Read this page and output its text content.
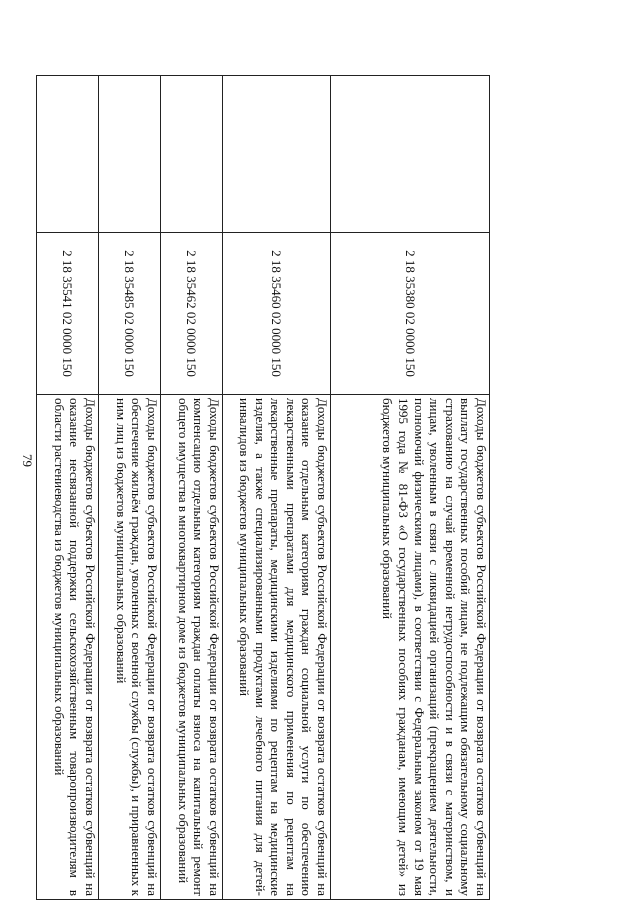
79
	2 18 35380 02 0000 150	Доходы бюджетов субъектов Российской Федерации от возврата остатков субвенций на выплату государственных пособий лицам, не подлежащим обязательному социальному страхованию на случай временной нетрудоспособности и в связи с материнством, и лицам, уволенным в связи с ликвидацией организаций (прекращением деятельности, полномочий физическими лицами), в соответствии с Федеральным законом от 19 мая 1995 года № 81-ФЗ «О государственных пособиях гражданам, имеющим детей» из бюджетов муниципальных образований
	2 18 35460 02 0000 150	Доходы бюджетов субъектов Российской Федерации от возврата остатков субвенций на оказание отдельным категориям граждан социальной услуги по обеспечению лекарственными препаратами для медицинского применения по рецептам на лекарственные препараты, медицинскими изделиями по рецептам на медицинские изделия, а также специализированными продуктами лечебного питания для детей-инвалидов из бюджетов муниципальных образований
	2 18 35462 02 0000 150	Доходы бюджетов субъектов Российской Федерации от возврата остатков субвенций на компенсацию отдельным категориям граждан оплаты взноса на капитальный ремонт общего имущества в многоквартирном доме из бюджетов муниципальных образований
	2 18 35485 02 0000 150	Доходы бюджетов субъектов Российской Федерации от возврата остатков субвенций на обеспечение жильём граждан, уволенных с военной службы (службы), и приравненных к ним лиц из бюджетов муниципальных образований
	2 18 35541 02 0000 150	Доходы бюджетов субъектов Российской Федерации от возврата остатков субвенций на оказание несвязанной поддержки сельскохозяйственным товаропроизводителям в области растениеводства из бюджетов муниципальных образований
